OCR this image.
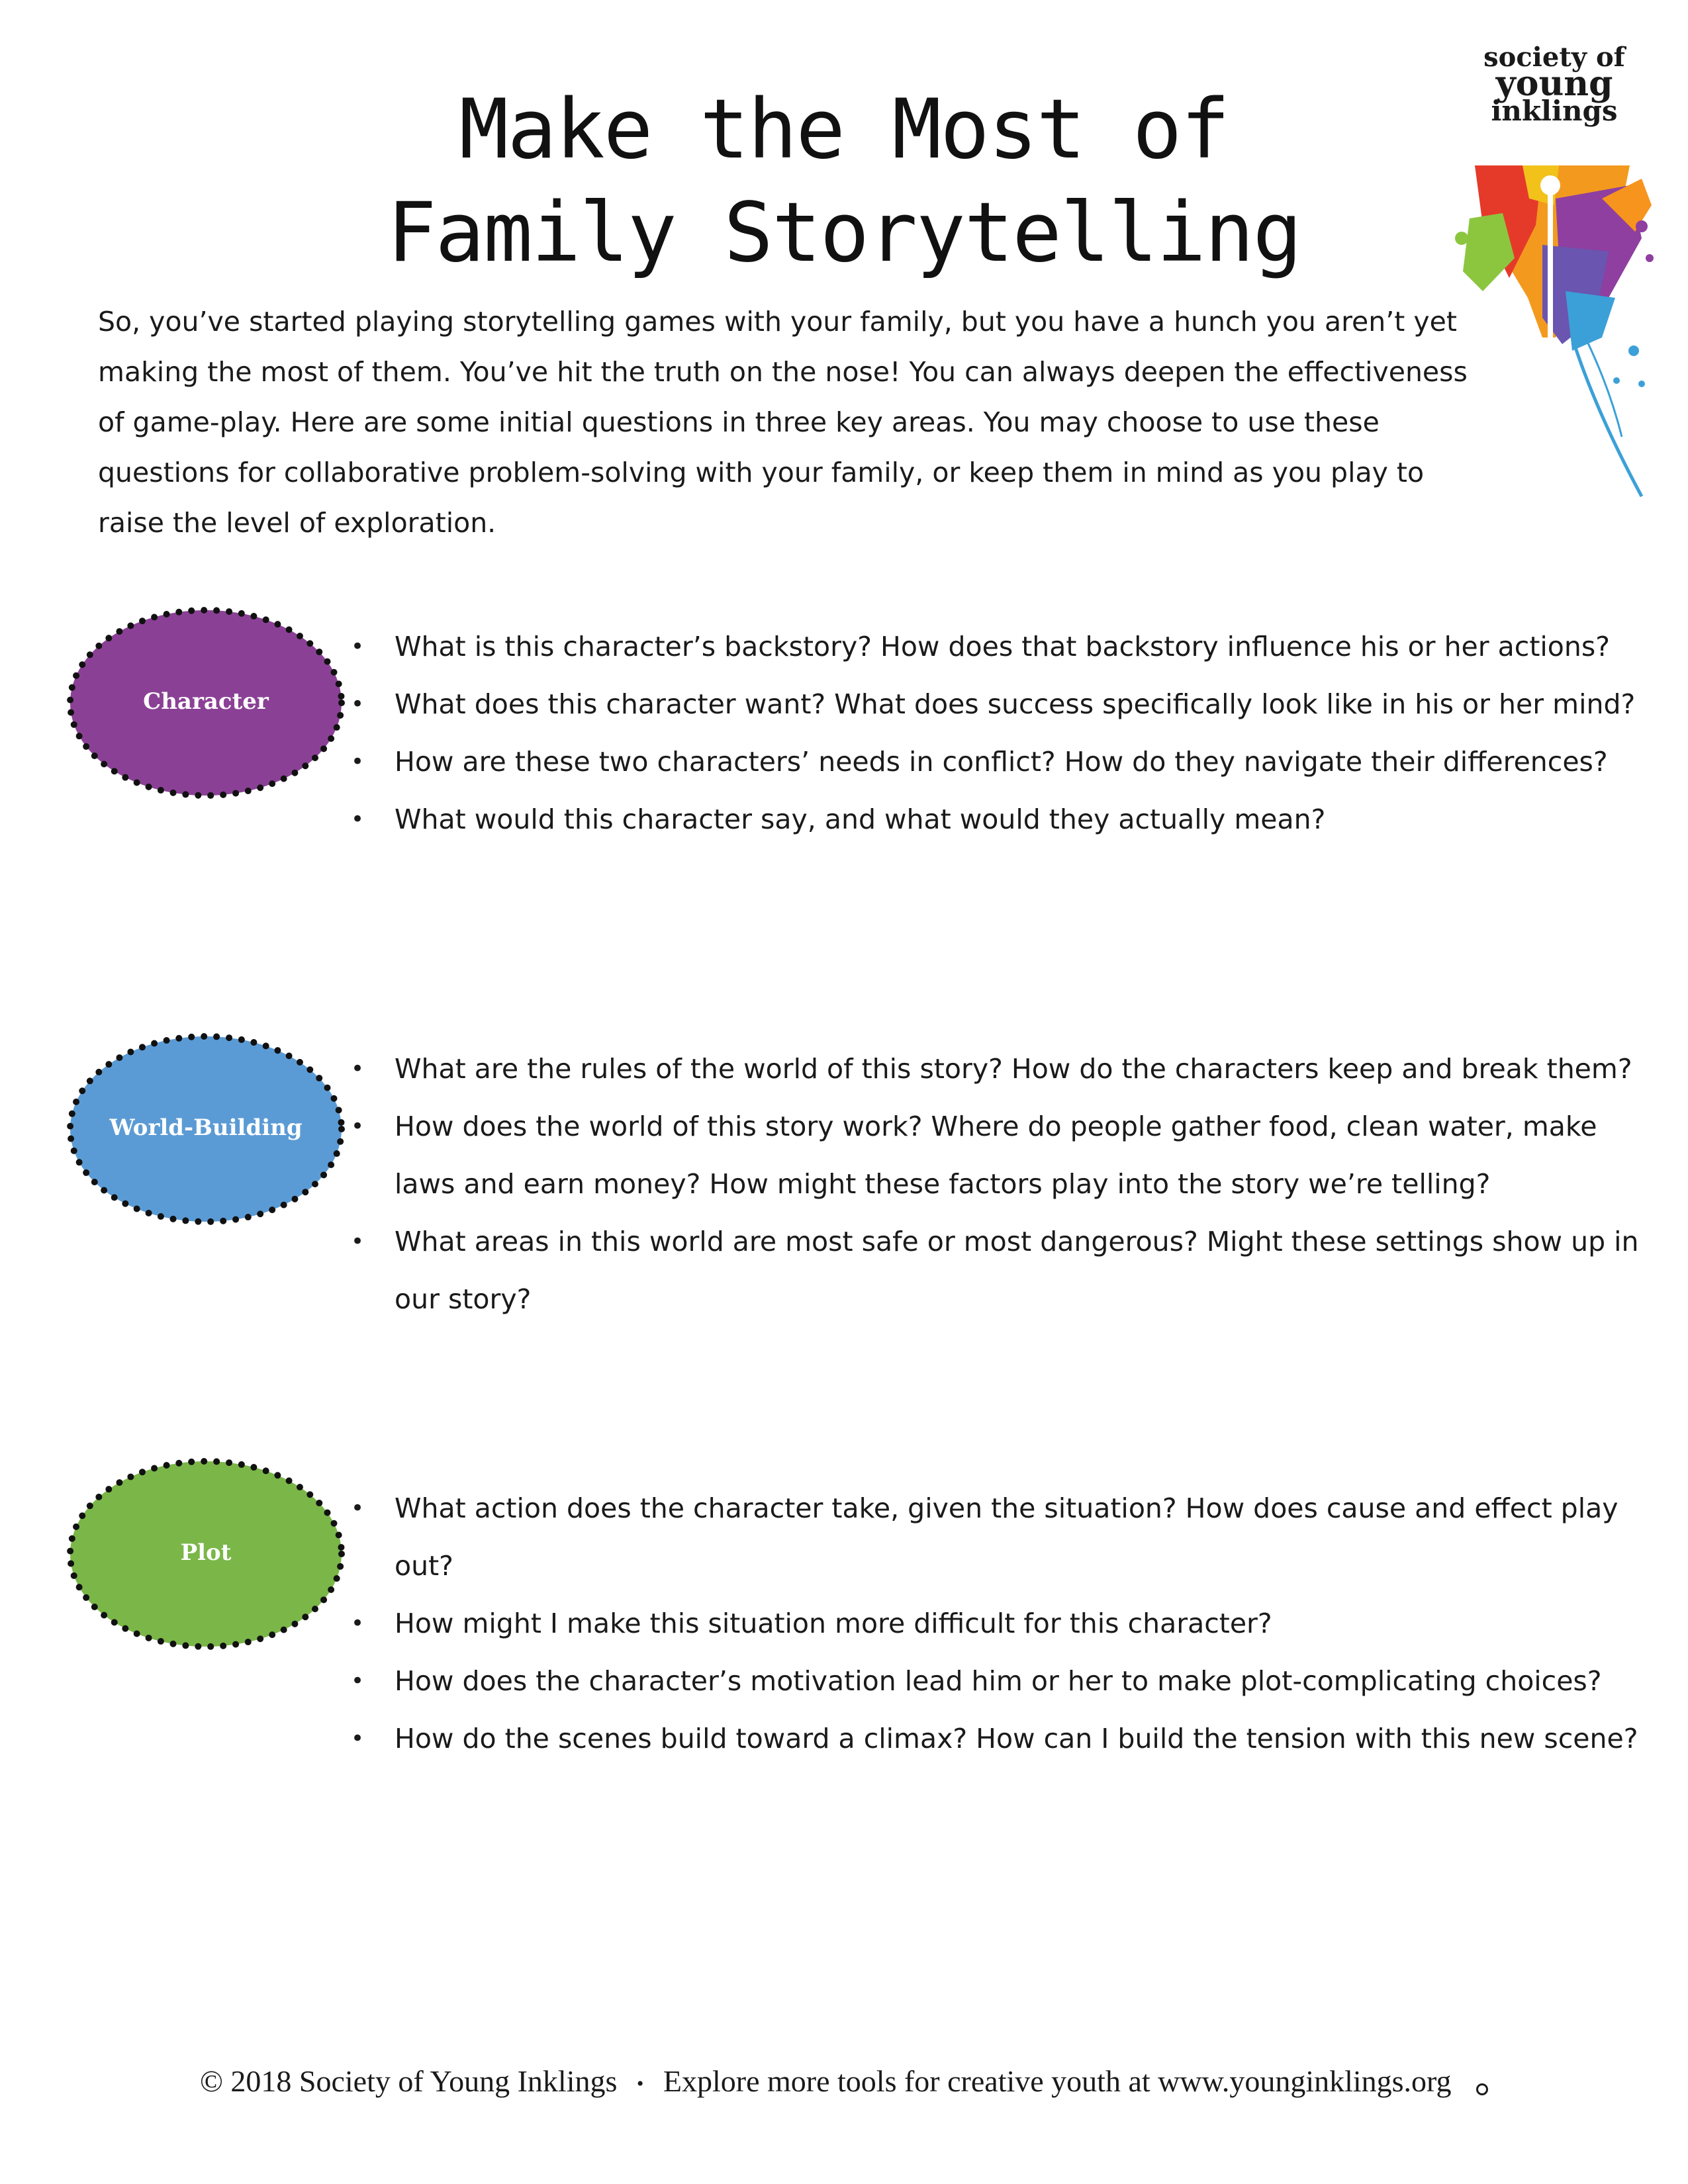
Make the Most of
Family Storytelling
society of
young
inklings

So, you’ve started playing storytelling games with your family, but you have a hunch you aren’t yet making the most of them. You’ve hit the truth on the nose! You can always deepen the effectiveness of game-play. Here are some initial questions in three key areas. You may choose to use these questions for collaborative problem-solving with your family, or keep them in mind as you play to raise the level of exploration.

Character
• What is this character’s backstory? How does that backstory influence his or her actions?
• What does this character want? What does success specifically look like in his or her mind?
• How are these two characters’ needs in conflict? How do they navigate their differences?
• What would this character say, and what would they actually mean?
World-Building
• What are the rules of the world of this story? How do the characters keep and break them?
• How does the world of this story work? Where do people gather food, clean water, make laws and earn money? How might these factors play into the story we’re telling?
• What areas in this world are most safe or most dangerous? Might these settings show up in our story?
Plot
• What action does the character take, given the situation? How does cause and effect play out?
• How might I make this situation more difficult for this character?
• How does the character’s motivation lead him or her to make plot-complicating choices?
• How do the scenes build toward a climax? How can I build the tension with this new scene?
© 2018 Society of Young Inklings • Explore more tools for creative youth at www.younginklings.org
